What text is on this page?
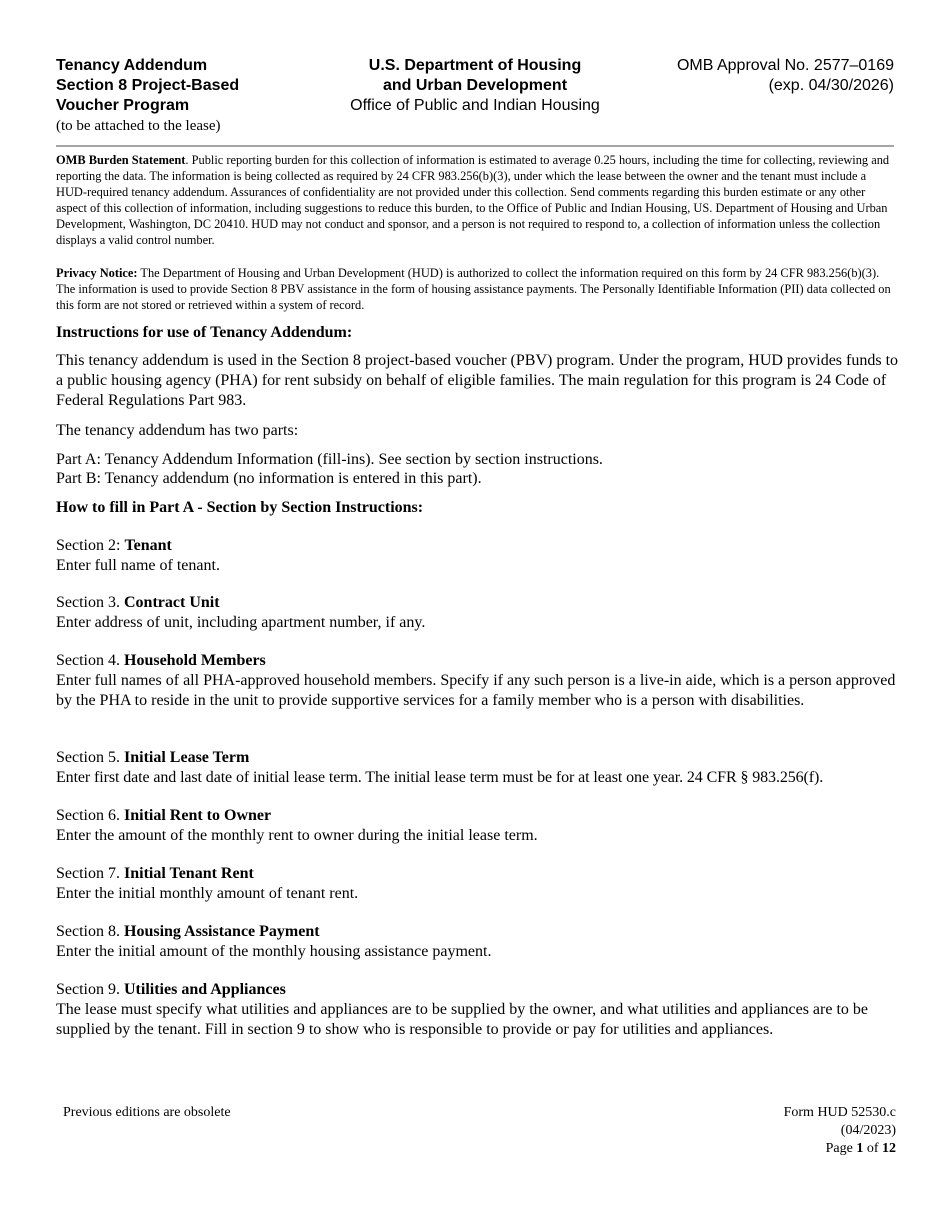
Tenancy Addendum
Section 8 Project-Based
Voucher Program
(to be attached to the lease)
U.S. Department of Housing
and Urban Development
Office of Public and Indian Housing
OMB Approval No. 2577–0169
(exp. 04/30/2026)

OMB Burden Statement. Public reporting burden for this collection of information is estimated to average 0.25 hours, including the time for collecting, reviewing and reporting the data. The information is being collected as required by 24 CFR 983.256(b)(3), under which the lease between the owner and the tenant must include a HUD-required tenancy addendum. Assurances of confidentiality are not provided under this collection. Send comments regarding this burden estimate or any other aspect of this collection of information, including suggestions to reduce this burden, to the Office of Public and Indian Housing, US. Department of Housing and Urban Development, Washington, DC 20410. HUD may not conduct and sponsor, and a person is not required to respond to, a collection of information unless the collection displays a valid control number.

Privacy Notice: The Department of Housing and Urban Development (HUD) is authorized to collect the information required on this form by 24 CFR 983.256(b)(3). The information is used to provide Section 8 PBV assistance in the form of housing assistance payments. The Personally Identifiable Information (PII) data collected on this form are not stored or retrieved within a system of record.

Instructions for use of Tenancy Addendum:

This tenancy addendum is used in the Section 8 project-based voucher (PBV) program. Under the program, HUD provides funds to a public housing agency (PHA) for rent subsidy on behalf of eligible families. The main regulation for this program is 24 Code of Federal Regulations Part 983.

The tenancy addendum has two parts:

Part A: Tenancy Addendum Information (fill-ins). See section by section instructions.

Part B: Tenancy addendum (no information is entered in this part).

How to fill in Part A - Section by Section Instructions:

Section 2: Tenant
Enter full name of tenant.
Section 3. Contract Unit
Enter address of unit, including apartment number, if any.
Section 4. Household Members
Enter full names of all PHA-approved household members. Specify if any such person is a live-in aide, which is a person approved by the PHA to reside in the unit to provide supportive services for a family member who is a person with disabilities.
Section 5. Initial Lease Term
Enter first date and last date of initial lease term. The initial lease term must be for at least one year. 24 CFR § 983.256(f).
Section 6. Initial Rent to Owner
Enter the amount of the monthly rent to owner during the initial lease term.
Section 7. Initial Tenant Rent
Enter the initial monthly amount of tenant rent.
Section 8. Housing Assistance Payment
Enter the initial amount of the monthly housing assistance payment.
Section 9. Utilities and Appliances
The lease must specify what utilities and appliances are to be supplied by the owner, and what utilities and appliances are to be supplied by the tenant. Fill in section 9 to show who is responsible to provide or pay for utilities and appliances.
Previous editions are obsolete	Form HUD 52530.c
(04/2023)
Page 1 of 12
